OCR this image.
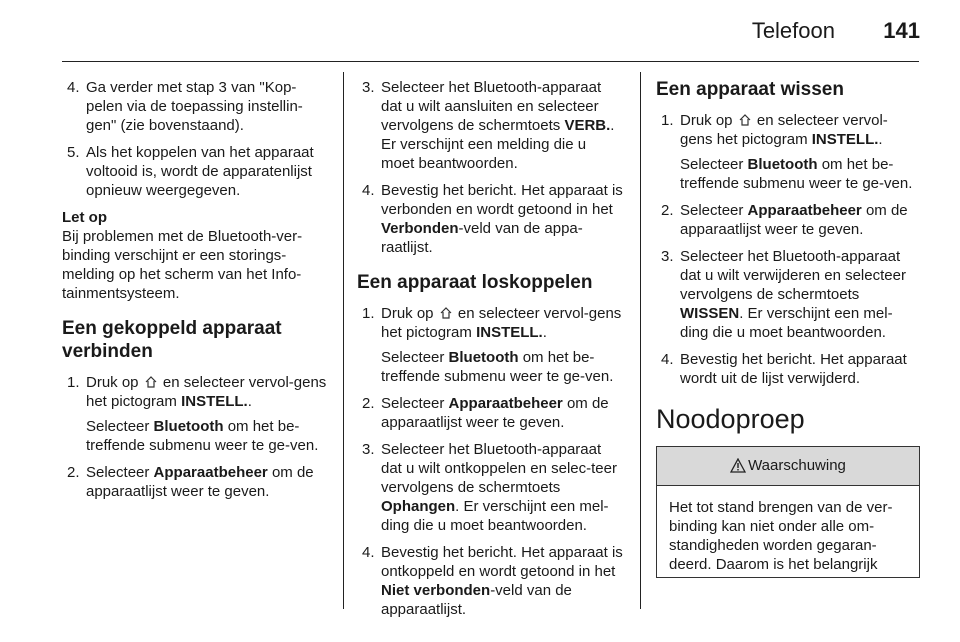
Telefoon 141
4. Ga verder met stap 3 van "Kop-pelen via de toepassing instellin-gen" (zie bovenstaand).
5. Als het koppelen van het apparaat voltooid is, wordt de apparatenlijst opnieuw weergegeven.
Let op
Bij problemen met de Bluetooth-ver-binding verschijnt er een storings-melding op het scherm van het Info-tainmentsysteem.
Een gekoppeld apparaat verbinden
1. Druk op en selecteer vervol-gens het pictogram INSTELL..
Selecteer Bluetooth om het be-treffende submenu weer te ge-ven.
2. Selecteer Apparaatbeheer om de apparaatlijst weer te geven.
3. Selecteer het Bluetooth-apparaat dat u wilt aansluiten en selecteer vervolgens de schermtoets VERB.. Er verschijnt een melding die u moet beantwoorden.
4. Bevestig het bericht. Het apparaat is verbonden en wordt getoond in het Verbonden-veld van de appa-raatlijst.
Een apparaat loskoppelen
1. Druk op en selecteer vervol-gens het pictogram INSTELL..
Selecteer Bluetooth om het be-treffende submenu weer te ge-ven.
2. Selecteer Apparaatbeheer om de apparaatlijst weer te geven.
3. Selecteer het Bluetooth-apparaat dat u wilt ontkoppelen en selec-teer vervolgens de schermtoets Ophangen. Er verschijnt een mel-ding die u moet beantwoorden.
4. Bevestig het bericht. Het apparaat is ontkoppeld en wordt getoond in het Niet verbonden-veld van de apparaatlijst.
Een apparaat wissen
1. Druk op en selecteer vervol-gens het pictogram INSTELL..
Selecteer Bluetooth om het be-treffende submenu weer te ge-ven.
2. Selecteer Apparaatbeheer om de apparaatlijst weer te geven.
3. Selecteer het Bluetooth-apparaat dat u wilt verwijderen en selecteer vervolgens de schermtoets WISSEN. Er verschijnt een mel-ding die u moet beantwoorden.
4. Bevestig het bericht. Het apparaat wordt uit de lijst verwijderd.
Noodoproep
Waarschuwing
Het tot stand brengen van de ver-binding kan niet onder alle om-standigheden worden gegaran-deerd. Daarom is het belangrijk
